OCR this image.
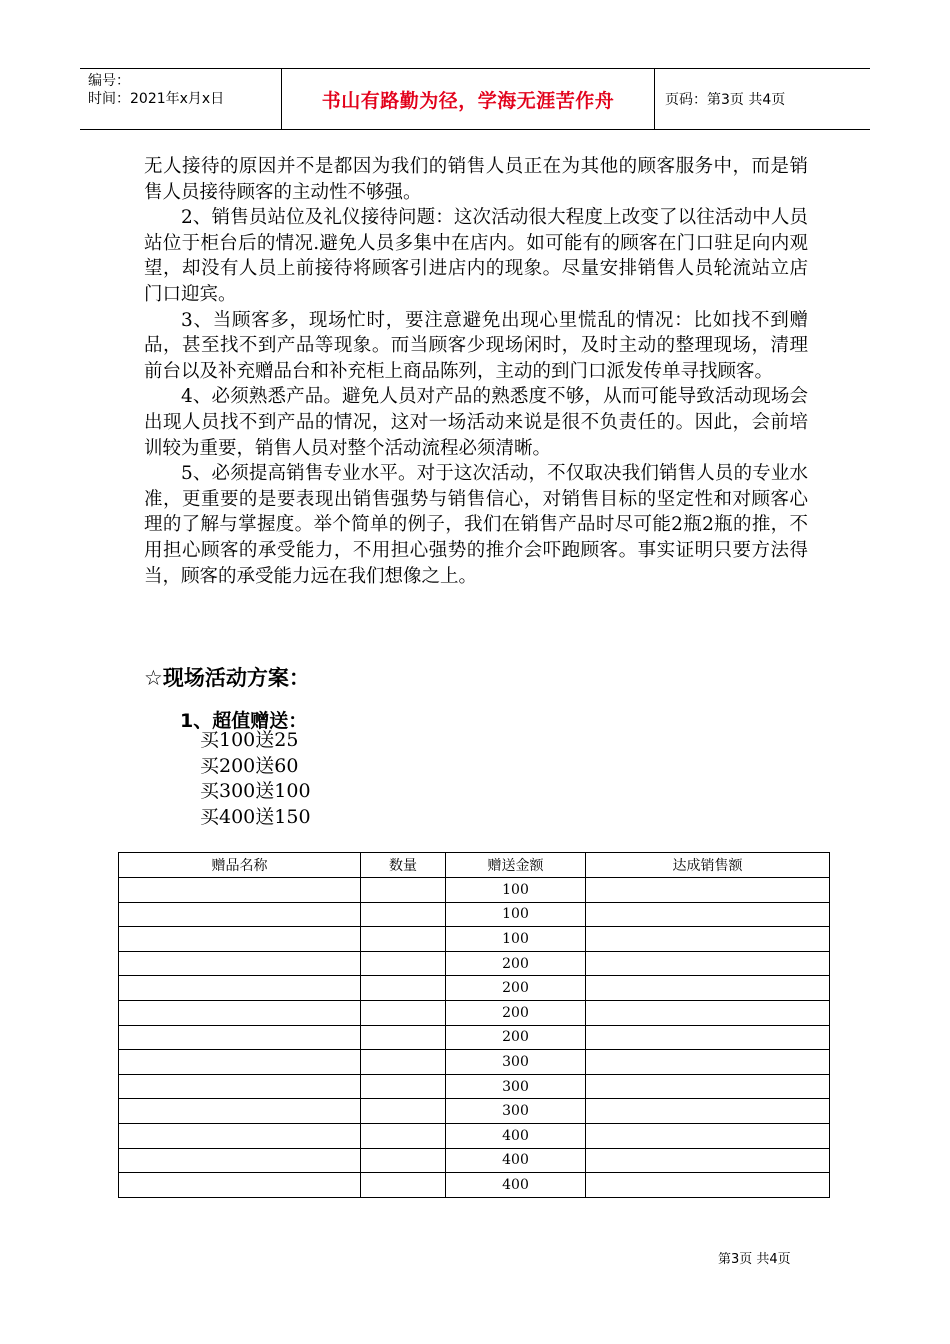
编号：
时间：2021年x月x日	书山有路勤为径，学海无涯苦作舟	页码：第3页 共4页

无人接待的原因并不是都因为我们的销售人员正在为其他的顾客服务中，而是销售人员接待顾客的主动性不够强。

2、销售员站位及礼仪接待问题：这次活动很大程度上改变了以往活动中人员站位于柜台后的情况.避免人员多集中在店内。如可能有的顾客在门口驻足向内观望，却没有人员上前接待将顾客引进店内的现象。尽量安排销售人员轮流站立店门口迎宾。

3、当顾客多，现场忙时，要注意避免出现心里慌乱的情况：比如找不到赠品，甚至找不到产品等现象。而当顾客少现场闲时，及时主动的整理现场，清理前台以及补充赠品台和补充柜上商品陈列，主动的到门口派发传单寻找顾客。

4、必须熟悉产品。避免人员对产品的熟悉度不够，从而可能导致活动现场会出现人员找不到产品的情况，这对一场活动来说是很不负责任的。因此，会前培训较为重要，销售人员对整个活动流程必须清晰。

5、必须提高销售专业水平。对于这次活动，不仅取决我们销售人员的专业水准，更重要的是要表现出销售强势与销售信心，对销售目标的坚定性和对顾客心理的了解与掌握度。举个简单的例子，我们在销售产品时尽可能2瓶2瓶的推，不用担心顾客的承受能力，不用担心强势的推介会吓跑顾客。事实证明只要方法得当，顾客的承受能力远在我们想像之上。

☆现场活动方案：
1、超值赠送：
买100送25
买200送60
买300送100
买400送150
赠品名称	数量	赠送金额	达成销售额
		100	
		100	
		100	
		200	
		200	
		200	
		200	
		300	
		300	
		300	
		400	
		400	
		400	
第3页 共4页
